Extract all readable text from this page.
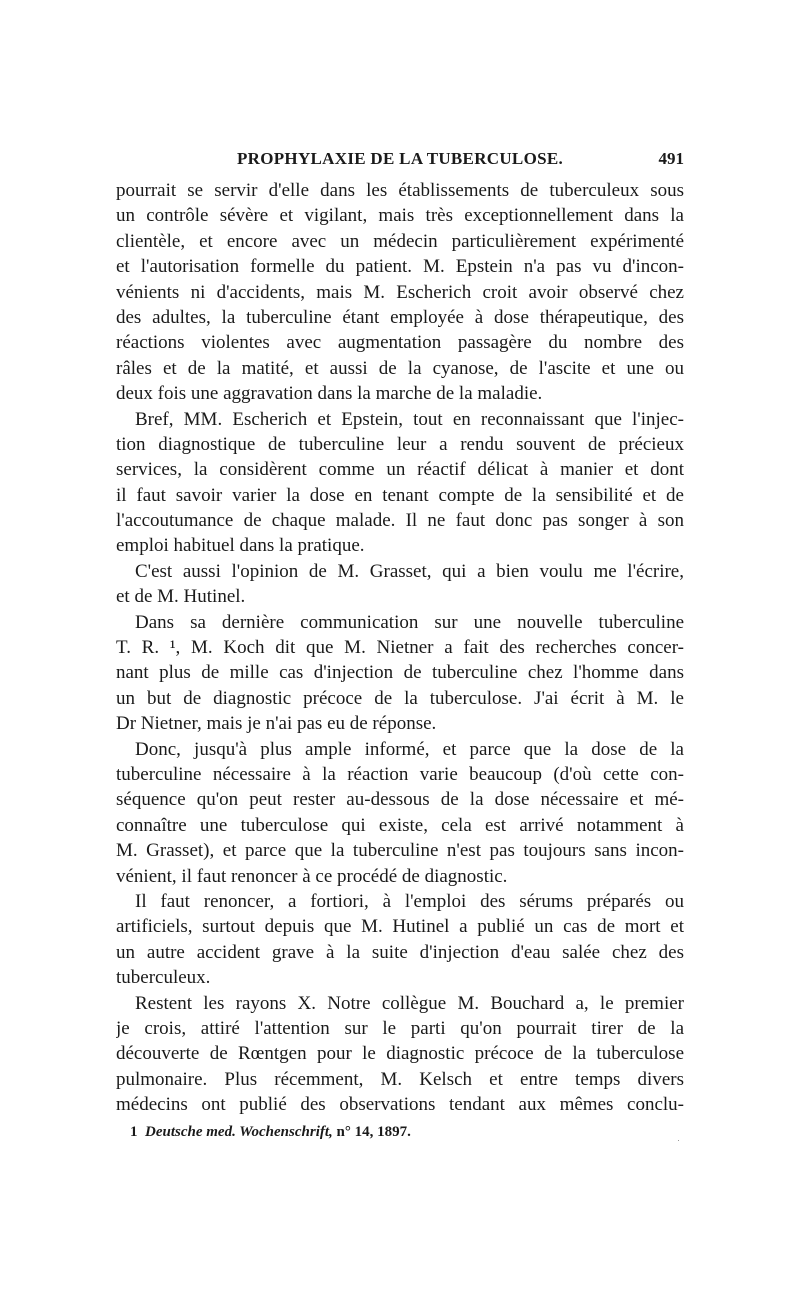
PROPHYLAXIE DE LA TUBERCULOSE.	491
pourrait se servir d'elle dans les établissements de tuberculeux sous
un contrôle sévère et vigilant, mais très exceptionnellement dans la
clientèle, et encore avec un médecin particulièrement expérimenté
et l'autorisation formelle du patient. M. Epstein n'a pas vu d'incon-
vénients ni d'accidents, mais M. Escherich croit avoir observé chez
des adultes, la tuberculine étant employée à dose thérapeutique, des
réactions violentes avec augmentation passagère du nombre des
râles et de la matité, et aussi de la cyanose, de l'ascite et une ou
deux fois une aggravation dans la marche de la maladie.
Bref, MM. Escherich et Epstein, tout en reconnaissant que l'injec-
tion diagnostique de tuberculine leur a rendu souvent de précieux
services, la considèrent comme un réactif délicat à manier et dont
il faut savoir varier la dose en tenant compte de la sensibilité et de
l'accoutumance de chaque malade. Il ne faut donc pas songer à son
emploi habituel dans la pratique.
C'est aussi l'opinion de M. Grasset, qui a bien voulu me l'écrire,
et de M. Hutinel.
Dans sa dernière communication sur une nouvelle tuberculine
T. R. ¹, M. Koch dit que M. Nietner a fait des recherches concer-
nant plus de mille cas d'injection de tuberculine chez l'homme dans
un but de diagnostic précoce de la tuberculose. J'ai écrit à M. le
Dr Nietner, mais je n'ai pas eu de réponse.
Donc, jusqu'à plus ample informé, et parce que la dose de la
tuberculine nécessaire à la réaction varie beaucoup (d'où cette con-
séquence qu'on peut rester au-dessous de la dose nécessaire et mé-
connaître une tuberculose qui existe, cela est arrivé notamment à
M. Grasset), et parce que la tuberculine n'est pas toujours sans incon-
vénient, il faut renoncer à ce procédé de diagnostic.
Il faut renoncer, a fortiori, à l'emploi des sérums préparés ou
artificiels, surtout depuis que M. Hutinel a publié un cas de mort et
un autre accident grave à la suite d'injection d'eau salée chez des
tuberculeux.
Restent les rayons X. Notre collègue M. Bouchard a, le premier
je crois, attiré l'attention sur le parti qu'on pourrait tirer de la
découverte de Rœntgen pour le diagnostic précoce de la tuberculose
pulmonaire. Plus récemment, M. Kelsch et entre temps divers
médecins ont publié des observations tendant aux mêmes conclu-
1 Deutsche med. Wochenschrift, n° 14, 1897.
